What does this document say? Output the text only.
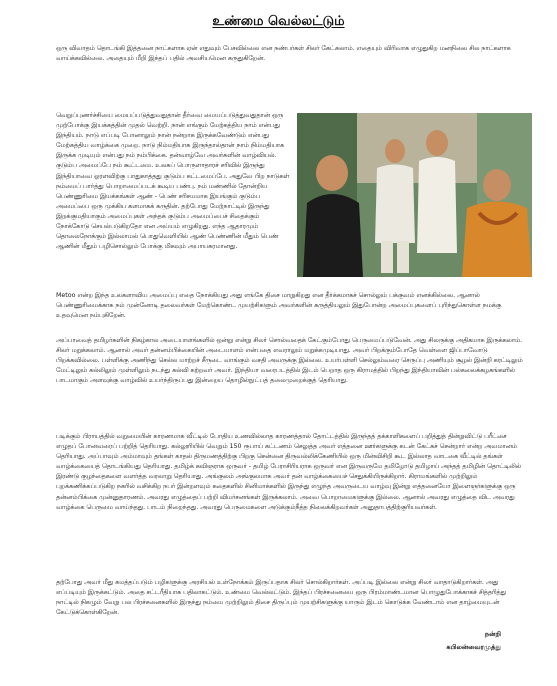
உண்மை வெல்லட்டும்

ஒரு விவாதம் தொடங்கி இத்தனை நாட்களாக ஏன் எதுவும் பேசவில்லை என நண்பர்கள் சிலர் கேட்கலாம். எதையும் விரிவாக எழுதுகிற மனநிலை சில நாட்களாக வாய்க்கவில்லை. அதையும் மீறி இந்தப் பதில் அவசியமென கருதுகிறேன்.

வெறுப்புணர்ச்சியை மையப்படுத்துவதுதான் தீர்வை மையப்படுத்துவதுதான் ஒரு முற்போக்கு இயக்கத்தின் முதல் வெற்றி. நான் எங்கும் மேற்கத்திய நாம் என்பது இந்தியம். நாடு எப்படி போனாலும் நான் நன்றாக இருக்கவேண்டும் என்பது மேற்கத்திய வாழ்க்கை முறை. நாடு நிம்மதியாக இருந்தால்தான் நாம் நிம்மதியாக இருக்க முடியும் என்பது நம் நம்பிக்கை. தன்வாழ்வே அவர்களின் வாழ்வியல். குடும்ப அமைப்பே நம் கூட்டமை. உலகப் பொருளாதாரச் சரிவில் இருந்து இந்தியாவை ஓரளவிற்கு பாதுகாத்தது குடும்ப கட்டமைப்பே. அதுவே பிற நாடுகள் நம்மைப் பார்த்து பொறாமைப்படக் கூடிய பண்பு. நம் மண்ணில் தோன்றிய பெண்ணுரிமை இயக்கங்கள் ஆண் - பெண் சரிசமமாக இயங்கும் குடும்ப அமைப்பை ஒரு முக்கிய களமாகக் கருதின். தற்போது மேற்நாட்டில் இருந்து இறக்குமதியாகும் அமைப்புகள் அந்தக் குடும்ப அமைப்பைச் சிதைக்கும் நோக்கோடு செயல்படுகிறதோ என அய்யம் எழுகிறது. எந்த ஆதாரமும் தொலைநோக்கும் இல்லாமல் பொதுவெளியில் ஆண் பெண்ணின் மீதும் பெண் ஆணின் மீதும் பழிசொல்லும் போக்கு மிகவும் அபாயகரமானது.

Metoo என்ற இந்த உலகளாவிய அமைப்பு எதை நோக்கியது அது எங்கே திசை மாறுகிறது என தீர்க்கமாகச் சொல்லும் பக்குவம் எனக்கில்லை. ஆனால் பெண்ணுரிமைக்காக நம் முன்னோடி தலைவர்கள் மேற்கொண்ட முயற்சிகளும் அவர்களின் கருத்தியலும் இதுபோன்ற அமைப்புகளைப் புரிந்துகொள்ள நமக்கு உதவுமென நம்புகிறேன்.

அப்பாவைத் தமிழர்களின் நிகழ்கால அடையாளங்களில் ஒன்று என்று சிலர் சொல்வதைக் கேட்கும்போது பெருமைப்படுவேன். அது சிலருக்கு அதிகமாக இருக்கலாம். சிலர் மறுக்கலாம். ஆனால் அவர் தன்னம்பிக்கையின் அடையாளம் என்பதை எவராலும் மறுக்கமுடியாது. அவர் பிறக்கும்போதே வெள்ளை ஜிப்பாவோடு பிறக்கவில்லை. பள்ளிக்கு அணிந்து செல்ல மாற்றச் சீருடை வாங்கும் வசதி அவருக்கு இல்லை. உயர்பள்ளி செல்லும்வரை செருப்பு அணியும் சூழல் இன்றி கரட்டிலும் மேட்டிலும் கல்லிலும் முள்ளிலும் நடந்து கல்வி கற்றவர் அவர். இந்தியா வரைபடத்தில் இடம் பெறாத ஒரு கிராமத்தில் பிறந்து இந்தியாவின் பல்கலைக்கழகங்களில் பாடமாகும் அளவுக்கு வாழ்வில் உயர்ந்திருப்பது இன்றைய தொழில்நுட்பத் தலைமுறைக்குத் தெரியாது.

படிக்கும் பிராயத்தில் வறுமையின் காரணமாக வீட்டில் போதிய உணவில்லாத காரணத்தால் தோட்டத்தில் இருந்தத் தக்காளிகளைப் பறித்துத் தின்றுவிட்டு பரீட்சை எழுதப் போனவரைப் பற்றித் தெரியாது. கல்லூரியில் வெறும் 150 ரூபாய் கட்டணம் செலுத்த அவர் எத்தனை ஊர்களுக்கு கடன் கேட்கச் சென்றார் என்ற அவமானம் தெரியாது. அப்பாவும் அம்மாவும் தங்கள் காதல் திருமணத்திற்கு பிறகு சென்னை திருவல்லிக்கேணியில் ஒரு மின்விசிறி கூட இல்லாத வாடகை வீட்டில் தங்கள் வாழ்க்கையைத் தொடங்கியது தெரியாது. தமிழ்க் கவிஞராக ஒருவர் - தமிழ் பேராசிரியராக ஒருவர் என இருவருமே தமிழோடு தமிழாய் அந்தத் தமிழின் தொட்டிலில் இரண்டு குழந்தைகளை வளர்த்த வரலாறு தெரியாது. அங்குலம் அங்குலமாக அவர் தன் வாழ்க்கையைச் செதுக்கியிருக்கிறார். கிராமங்களில் முற்றிலும் புறக்கணிக்கப்படுகிற நகரில் வசிக்கிற நபர் இன்றளவும் கதைகளில் சினிமாக்களில் இருந்து எழுந்த அவருடைய வாழ்வு இன்று எத்தனையோ இளைஞர்களுக்கு ஒரு தன்னம்பிக்கை முன்னுதாரணம். அவரது எழுத்தைப் பற்றி விமர்சனங்கள் இருக்கலாம். அவை பொறாமைகளுக்கு இல்லை. ஆனால் அவரது எழுத்தை விட அவரது வாழ்க்கை பெருமை வாய்ந்தது. பாடம் நிறைந்தது. அவரது பெருமைகளை அடுக்கும்நீத்த நிலைக்கிறவர்கள் அனுதாபத்திற்குரியவர்கள்.

தற்போது அவர் மீது சுமத்தப்படும் பழிகளுக்கு அரசியல் உள்நோக்கம் இருப்பதாக சிலர் சொல்கிறார்கள். அப்படி இல்லை என்று சிலர் வாதாடுகிறார்கள். அது எப்படியும் இருக்கட்டும். அதை சட்டரீதியாக பதிலாகட்டும். உண்மை வெல்லட்டும். இந்தப் பிரச்சனையை ஒரு பிரம்மாண்டமான பொழுதுபோக்காகச் சித்தரித்து நாட்டில் நிகழும் வேறு பல பிரச்சனைகளில் இருந்து நம்மை முற்றிலும் திசை திருப்பும் முயற்சிகளுக்கு யாரும் இடம் கொடுக்க வேண்டாம் என தாழ்மையுடன் கேட்டுக்கொள்கிறேன்.

நன்றி
கபிலன்வைரமுத்து
